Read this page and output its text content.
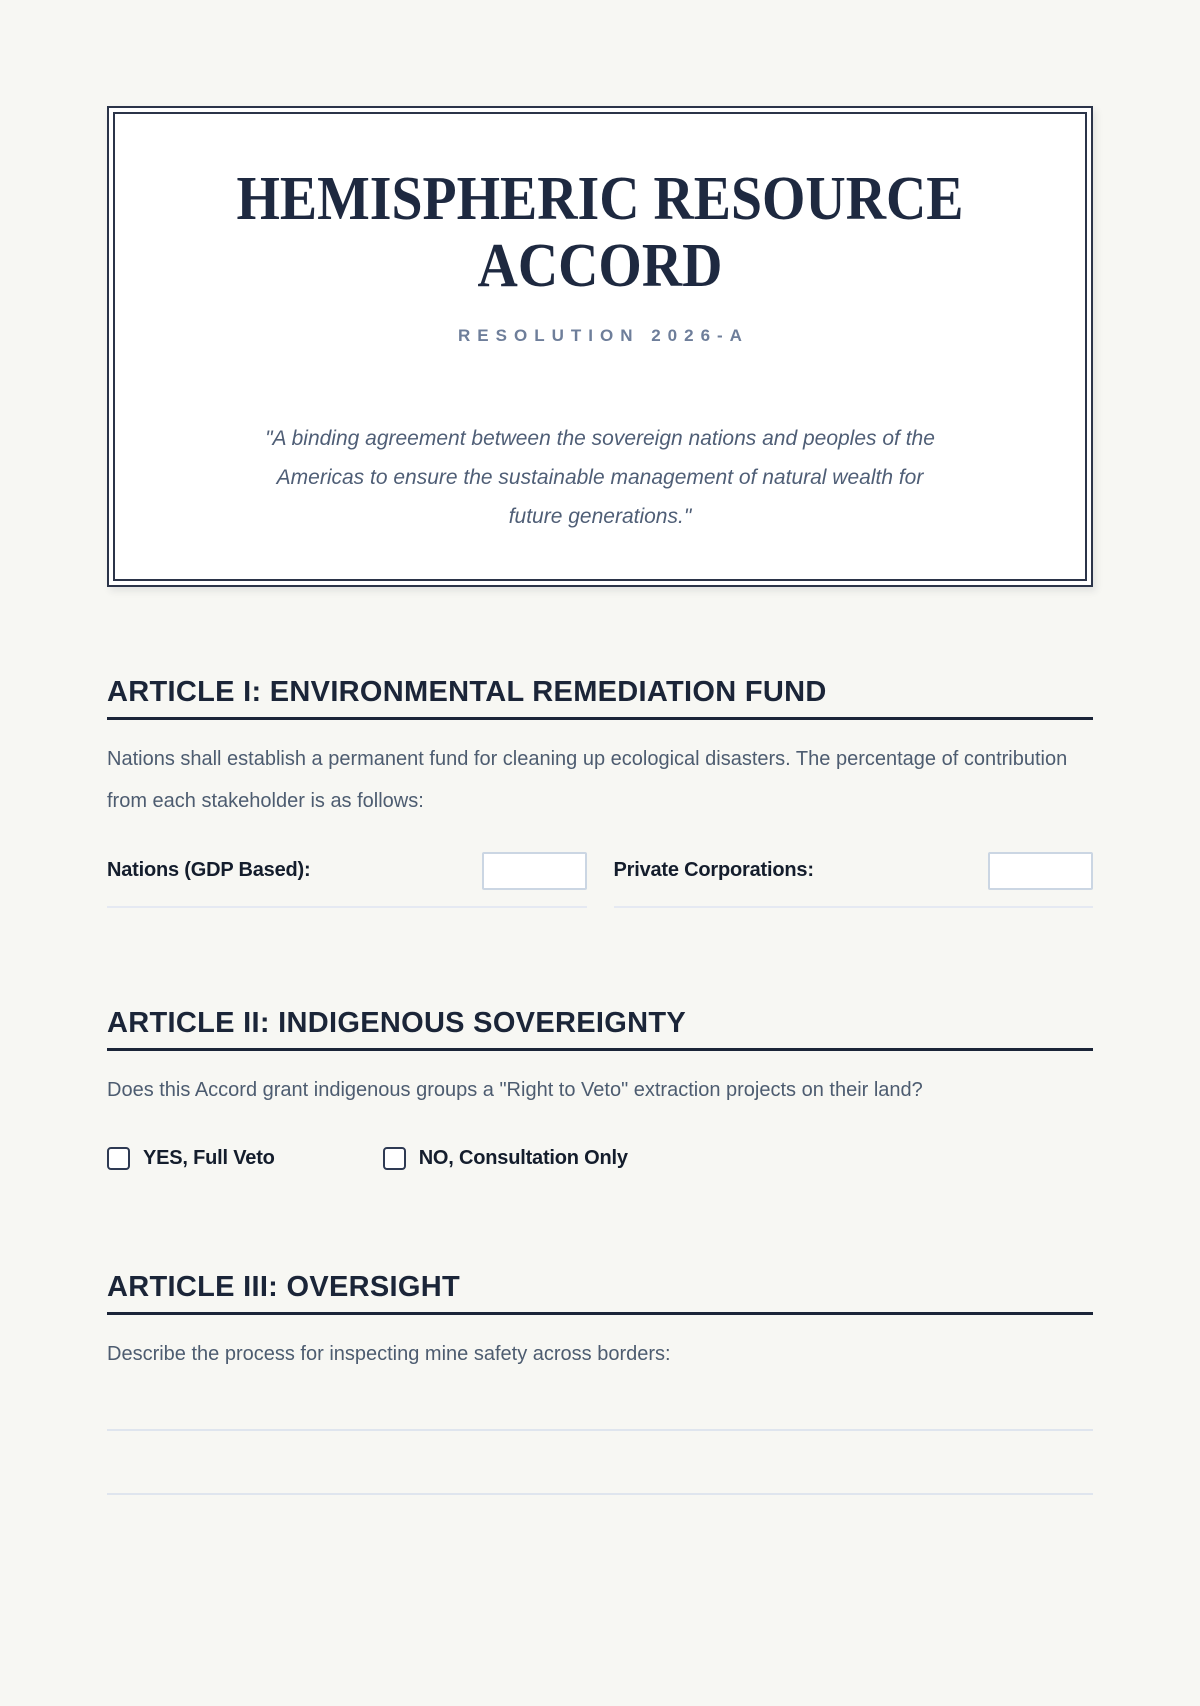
HEMISPHERIC RESOURCE ACCORD
RESOLUTION 2026-A
"A binding agreement between the sovereign nations and peoples of the Americas to ensure the sustainable management of natural wealth for future generations."
ARTICLE I: ENVIRONMENTAL REMEDIATION FUND

Nations shall establish a permanent fund for cleaning up ecological disasters. The percentage of contribution from each stakeholder is as follows:

Nations (GDP Based):	Private Corporations:
ARTICLE II: INDIGENOUS SOVEREIGNTY

Does this Accord grant indigenous groups a "Right to Veto" extraction projects on their land?

YES, Full Veto	NO, Consultation Only
ARTICLE III: OVERSIGHT

Describe the process for inspecting mine safety across borders:
